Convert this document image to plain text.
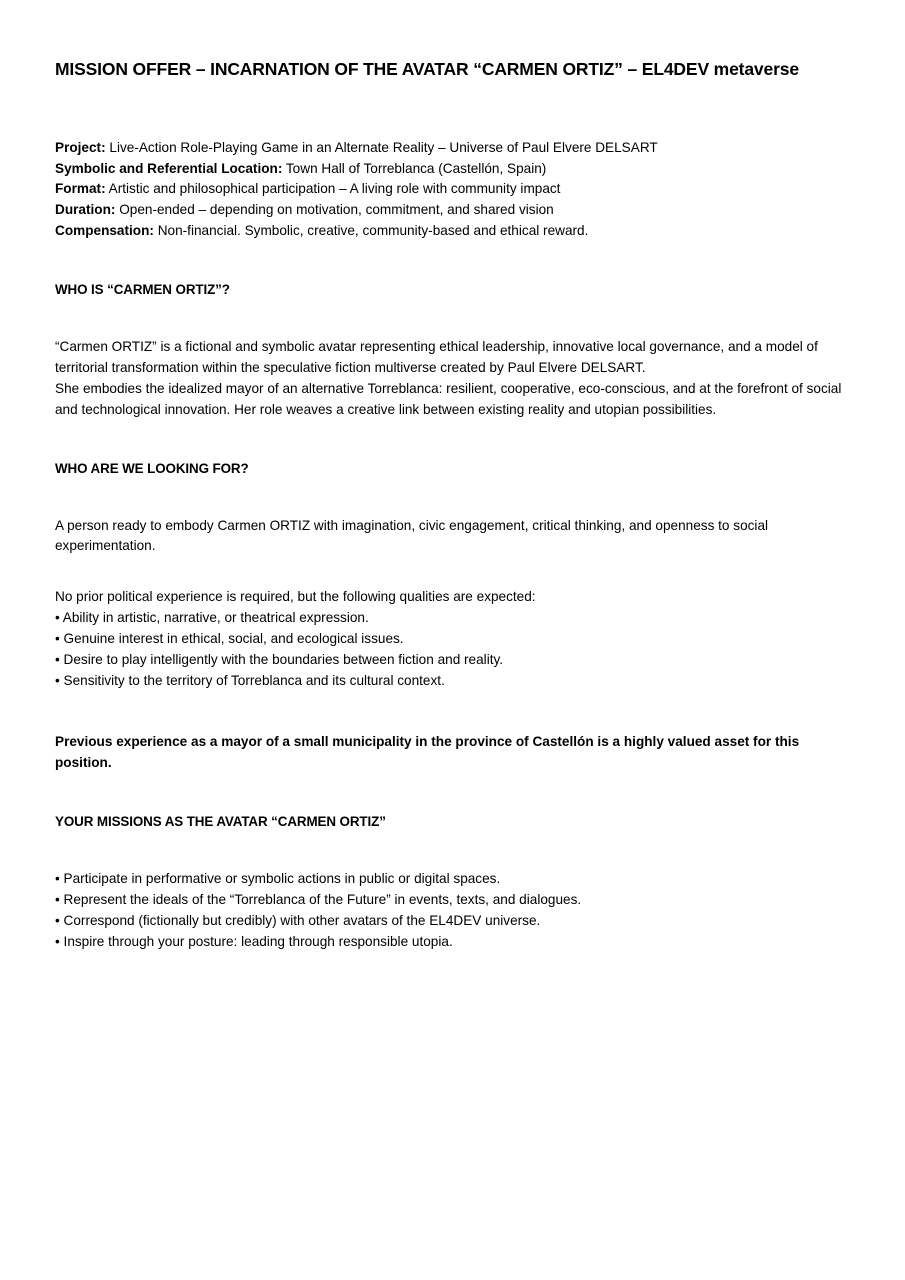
MISSION OFFER – INCARNATION OF THE AVATAR “CARMEN ORTIZ” – EL4DEV metaverse
Project: Live-Action Role-Playing Game in an Alternate Reality – Universe of Paul Elvere DELSART
Symbolic and Referential Location: Town Hall of Torreblanca (Castellón, Spain)
Format: Artistic and philosophical participation – A living role with community impact
Duration: Open-ended – depending on motivation, commitment, and shared vision
Compensation: Non-financial. Symbolic, creative, community-based and ethical reward.
WHO IS “CARMEN ORTIZ”?
“Carmen ORTIZ” is a fictional and symbolic avatar representing ethical leadership, innovative local governance, and a model of territorial transformation within the speculative fiction multiverse created by Paul Elvere DELSART.
She embodies the idealized mayor of an alternative Torreblanca: resilient, cooperative, eco-conscious, and at the forefront of social and technological innovation. Her role weaves a creative link between existing reality and utopian possibilities.
WHO ARE WE LOOKING FOR?
A person ready to embody Carmen ORTIZ with imagination, civic engagement, critical thinking, and openness to social experimentation.
No prior political experience is required, but the following qualities are expected:
• Ability in artistic, narrative, or theatrical expression.
• Genuine interest in ethical, social, and ecological issues.
• Desire to play intelligently with the boundaries between fiction and reality.
• Sensitivity to the territory of Torreblanca and its cultural context.
Previous experience as a mayor of a small municipality in the province of Castellón is a highly valued asset for this position.
YOUR MISSIONS AS THE AVATAR “CARMEN ORTIZ”
• Participate in performative or symbolic actions in public or digital spaces.
• Represent the ideals of the “Torreblanca of the Future” in events, texts, and dialogues.
• Correspond (fictionally but credibly) with other avatars of the EL4DEV universe.
• Inspire through your posture: leading through responsible utopia.
